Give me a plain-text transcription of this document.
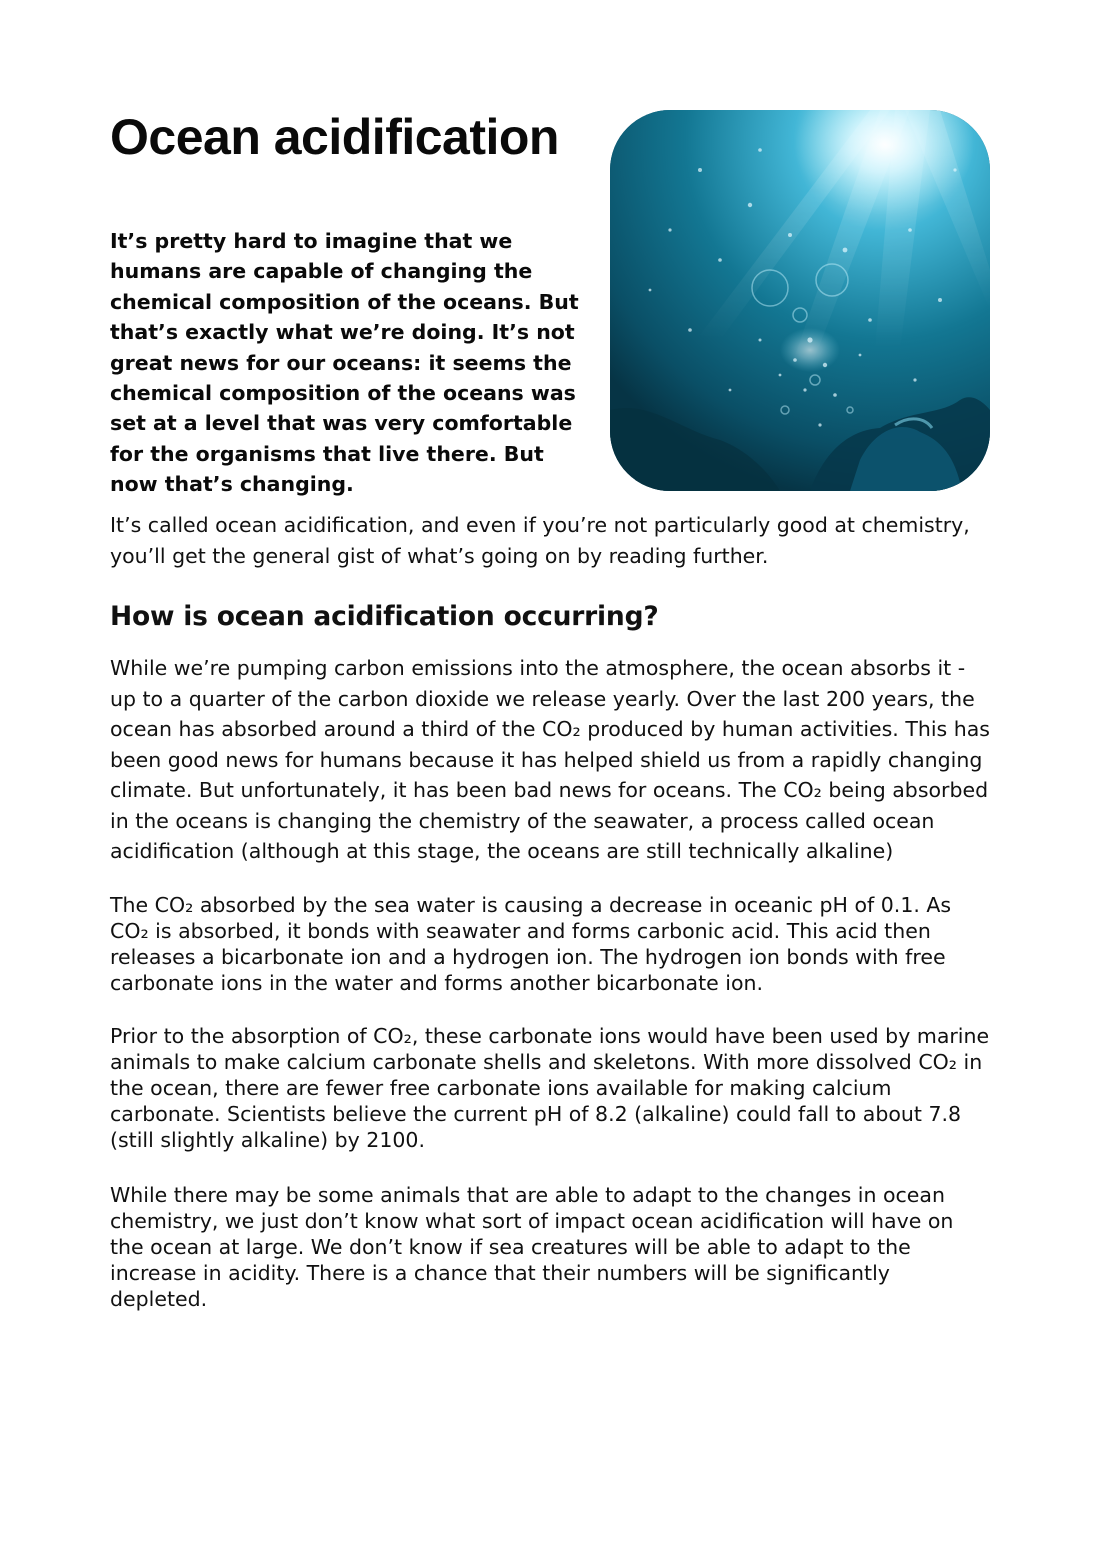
Ocean acidification

It’s pretty hard to imagine that we humans are capable of changing the chemical composition of the oceans. But that’s exactly what we’re doing. It’s not great news for our oceans: it seems the chemical composition of the oceans was set at a level that was very comfortable for the organisms that live there. But now that’s changing.

It’s called ocean acidification, and even if you’re not particularly good at chemistry, you’ll get the general gist of what’s going on by reading further.

How is ocean acidification occurring?

While we’re pumping carbon emissions into the atmosphere, the ocean absorbs it - up to a quarter of the carbon dioxide we release yearly. Over the last 200 years, the ocean has absorbed around a third of the CO₂ produced by human activities. This has been good news for humans because it has helped shield us from a rapidly changing climate. But unfortunately, it has been bad news for oceans. The CO₂ being absorbed in the oceans is changing the chemistry of the seawater, a process called ocean acidification (although at this stage, the oceans are still technically alkaline)

The CO₂ absorbed by the sea water is causing a decrease in oceanic pH of 0.1. As CO₂ is absorbed, it bonds with seawater and forms carbonic acid. This acid then releases a bicarbonate ion and a hydrogen ion. The hydrogen ion bonds with free carbonate ions in the water and forms another bicarbonate ion.

Prior to the absorption of CO₂, these carbonate ions would have been used by marine animals to make calcium carbonate shells and skeletons. With more dissolved CO₂ in the ocean, there are fewer free carbonate ions available for making calcium carbonate. Scientists believe the current pH of 8.2 (alkaline) could fall to about 7.8 (still slightly alkaline) by 2100.

While there may be some animals that are able to adapt to the changes in ocean chemistry, we just don’t know what sort of impact ocean acidification will have on the ocean at large. We don’t know if sea creatures will be able to adapt to the increase in acidity. There is a chance that their numbers will be significantly depleted.
